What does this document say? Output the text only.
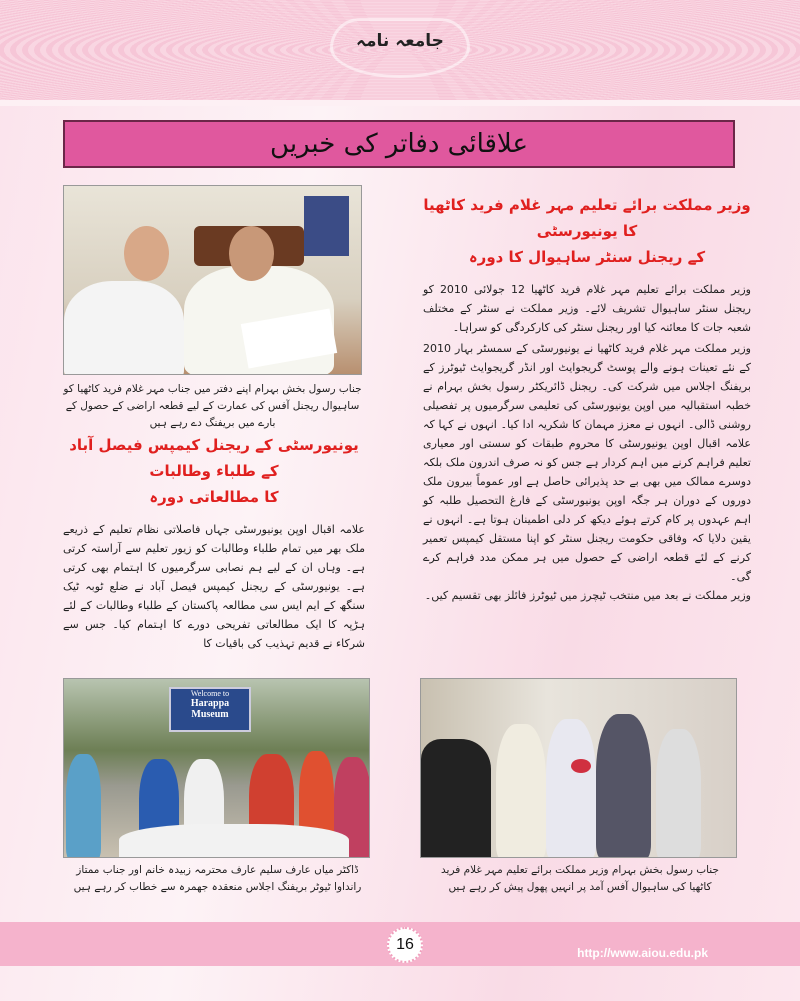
جامعہ نامہ
علاقائی دفاتر کی خبریں
جناب رسول بخش بہرام اپنے دفتر میں جناب مہر غلام فرید کاٹھیا کو ساہیوال ریجنل آفس کی عمارت کے لیے قطعہ اراضی کے حصول کے بارے میں بریفنگ دے رہے ہیں
یونیورسٹی کے ریجنل کیمپس فیصل آباد کے طلباء وطالبات
کا مطالعاتی دورہ

علامہ اقبال اوپن یونیورسٹی جہاں فاصلاتی نظام تعلیم کے ذریعے ملک بھر میں تمام طلباء وطالبات کو زیور تعلیم سے آراستہ کرتی ہے۔ وہاں ان کے لیے ہم نصابی سرگرمیوں کا اہتمام بھی کرتی ہے۔ یونیورسٹی کے ریجنل کیمپس فیصل آباد نے ضلع ٹوبہ ٹیک سنگھ کے ایم ایس سی مطالعہ پاکستان کے طلباء وطالبات کے لئے ہڑپہ کا ایک مطالعاتی تفریحی دورے کا اہتمام کیا۔ جس سے شرکاء نے قدیم تہذیب کی باقیات کا

وزیر مملکت برائے تعلیم مہر غلام فرید کاٹھیا کا یونیورسٹی
کے ریجنل سنٹر ساہیوال کا دورہ

وزیر مملکت برائے تعلیم مہر غلام فرید کاٹھیا 12 جولائی 2010 کو ریجنل سنٹر ساہیوال تشریف لائے۔ وزیر مملکت نے سنٹر کے مختلف شعبہ جات کا معائنہ کیا اور ریجنل سنٹر کی کارکردگی کو سراہا۔

وزیر مملکت مہر غلام فرید کاٹھیا نے یونیورسٹی کے سمسٹر بہار 2010 کے نئے تعینات ہونے والے پوسٹ گریجوایٹ اور انڈر گریجوایٹ ٹیوٹرز کے بریفنگ اجلاس میں شرکت کی۔ ریجنل ڈائریکٹر رسول بخش بہرام نے خطبہ استقبالیہ میں اوپن یونیورسٹی کی تعلیمی سرگرمیوں پر تفصیلی روشنی ڈالی۔ انہوں نے معزز مہمان کا شکریہ ادا کیا۔ انہوں نے کہا کہ علامہ اقبال اوپن یونیورسٹی کا محروم طبقات کو سستی اور معیاری تعلیم فراہم کرنے میں اہم کردار ہے جس کو نہ صرف اندرون ملک بلکہ دوسرے ممالک میں بھی بے حد پذیرائی حاصل ہے اور عموماً بیرون ملک دوروں کے دوران ہر جگہ اوپن یونیورسٹی کے فارغ التحصیل طلبہ کو اہم عہدوں پر کام کرتے ہوئے دیکھ کر دلی اطمینان ہوتا ہے۔ انہوں نے یقین دلایا کہ وفاقی حکومت ریجنل سنٹر کو اپنا مستقل کیمپس تعمیر کرنے کے لئے قطعہ اراضی کے حصول میں ہر ممکن مدد فراہم کرے گی۔

وزیر مملکت نے بعد میں منتخب ٹیچرز میں ٹیوٹرز فائلز بھی تقسیم کیں۔

Welcome to
Harappa Museum
ڈاکٹر میاں عارف سلیم عارف محترمہ زبیدہ خانم اور جناب ممتاز رانداوا ٹیوٹر بریفنگ اجلاس منعقدہ جھمرہ سے خطاب کر رہے ہیں
جناب رسول بخش بہرام وزیر مملکت برائے تعلیم مہر غلام فرید کاٹھیا کی ساہیوال آفس آمد پر انہیں پھول پیش کر رہے ہیں
16	http://www.aiou.edu.pk
